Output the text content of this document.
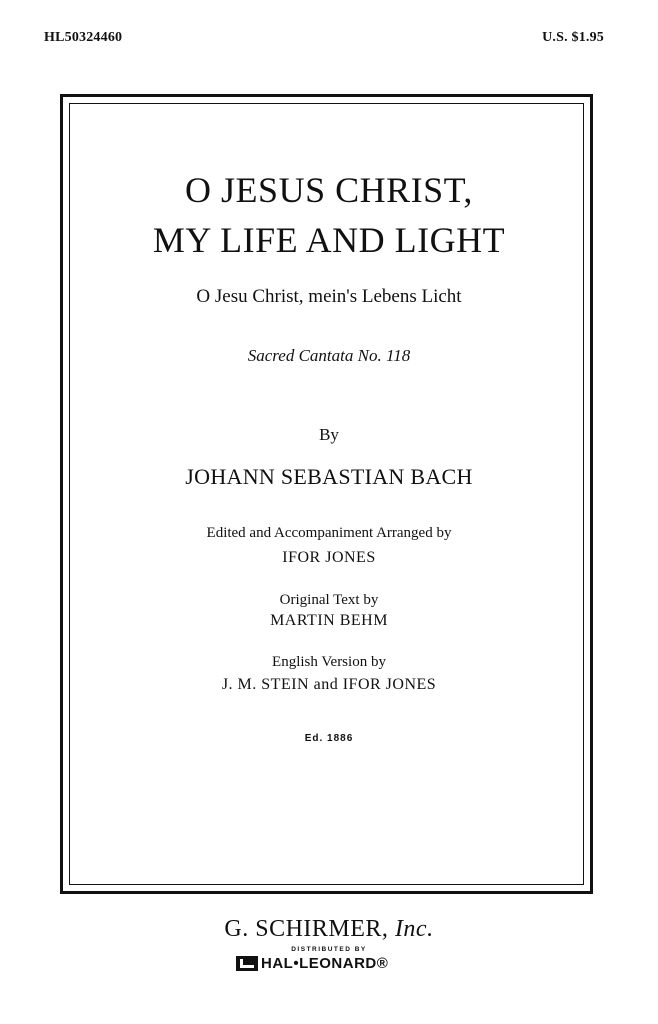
HL50324460	U.S. $1.95
O JESUS CHRIST,
MY LIFE AND LIGHT
O Jesu Christ, mein's Lebens Licht
Sacred Cantata No. 118
By
JOHANN SEBASTIAN BACH
Edited and Accompaniment Arranged by
IFOR JONES
Original Text by
MARTIN BEHM
English Version by
J. M. STEIN and IFOR JONES
Ed. 1886
G. SCHIRMER, Inc.
DISTRIBUTED BY
HAL•LEONARD®
